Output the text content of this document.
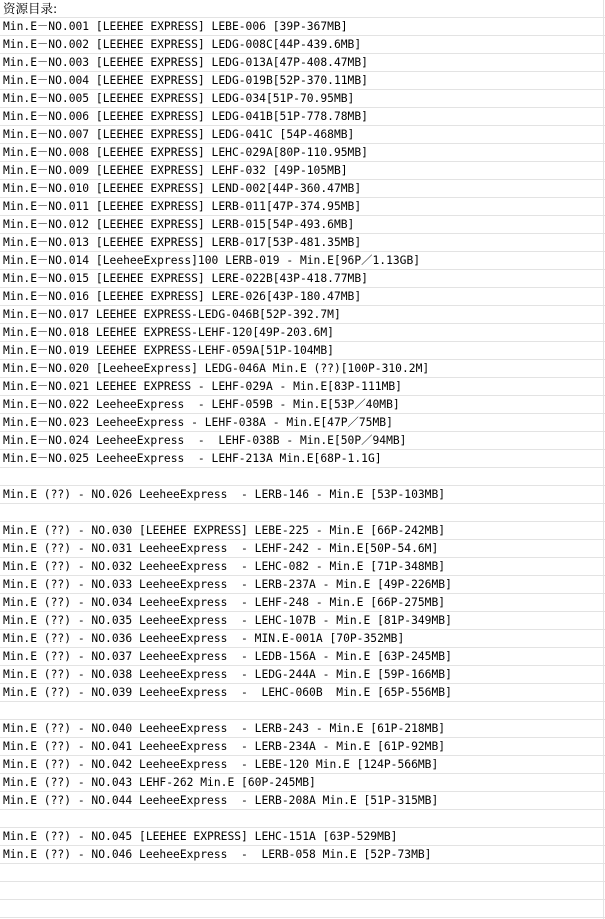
资源目录:
Min.E－NO.001 [LEEHEE EXPRESS] LEBE-006 [39P-367MB]
Min.E－NO.002 [LEEHEE EXPRESS] LEDG-008C[44P-439.6MB]
Min.E－NO.003 [LEEHEE EXPRESS] LEDG-013A[47P-408.47MB]
Min.E－NO.004 [LEEHEE EXPRESS] LEDG-019B[52P-370.11MB]
Min.E－NO.005 [LEEHEE EXPRESS] LEDG-034[51P-70.95MB]
Min.E－NO.006 [LEEHEE EXPRESS] LEDG-041B[51P-778.78MB]
Min.E－NO.007 [LEEHEE EXPRESS] LEDG-041C [54P-468MB]
Min.E－NO.008 [LEEHEE EXPRESS] LEHC-029A[80P-110.95MB]
Min.E－NO.009 [LEEHEE EXPRESS] LEHF-032 [49P-105MB]
Min.E－NO.010 [LEEHEE EXPRESS] LEND-002[44P-360.47MB]
Min.E－NO.011 [LEEHEE EXPRESS] LERB-011[47P-374.95MB]
Min.E－NO.012 [LEEHEE EXPRESS] LERB-015[54P-493.6MB]
Min.E－NO.013 [LEEHEE EXPRESS] LERB-017[53P-481.35MB]
Min.E－NO.014 [LeeheeExpress]100 LERB-019 - Min.E[96P／1.13GB]
Min.E－NO.015 [LEEHEE EXPRESS] LERE-022B[43P-418.77MB]
Min.E－NO.016 [LEEHEE EXPRESS] LERE-026[43P-180.47MB]
Min.E－NO.017 LEEHEE EXPRESS-LEDG-046B[52P-392.7M]
Min.E－NO.018 LEEHEE EXPRESS-LEHF-120[49P-203.6M]
Min.E－NO.019 LEEHEE EXPRESS-LEHF-059A[51P-104MB]
Min.E－NO.020 [LeeheeExpress] LEDG-046A Min.E (??)[100P-310.2M]
Min.E－NO.021 LEEHEE EXPRESS - LEHF-029A - Min.E[83P-111MB]
Min.E－NO.022 LeeheeExpress  - LEHF-059B - Min.E[53P／40MB]
Min.E－NO.023 LeeheeExpress - LEHF-038A - Min.E[47P／75MB]
Min.E－NO.024 LeeheeExpress  -  LEHF-038B - Min.E[50P／94MB]
Min.E－NO.025 LeeheeExpress  - LEHF-213A Min.E[68P-1.1G]
Min.E (??) - NO.026 LeeheeExpress  - LERB-146 - Min.E [53P-103MB]
Min.E (??) - NO.030 [LEEHEE EXPRESS] LEBE-225 - Min.E [66P-242MB]
Min.E (??) - NO.031 LeeheeExpress  - LEHF-242 - Min.E[50P-54.6M]
Min.E (??) - NO.032 LeeheeExpress  - LEHC-082 - Min.E [71P-348MB]
Min.E (??) - NO.033 LeeheeExpress  - LERB-237A - Min.E [49P-226MB]
Min.E (??) - NO.034 LeeheeExpress  - LEHF-248 - Min.E [66P-275MB]
Min.E (??) - NO.035 LeeheeExpress  - LEHC-107B - Min.E [81P-349MB]
Min.E (??) - NO.036 LeeheeExpress  - MIN.E-001A [70P-352MB]
Min.E (??) - NO.037 LeeheeExpress  - LEDB-156A - Min.E [63P-245MB]
Min.E (??) - NO.038 LeeheeExpress  - LEDG-244A - Min.E [59P-166MB]
Min.E (??) - NO.039 LeeheeExpress  -  LEHC-060B  Min.E [65P-556MB]
Min.E (??) - NO.040 LeeheeExpress  - LERB-243 - Min.E [61P-218MB]
Min.E (??) - NO.041 LeeheeExpress  - LERB-234A - Min.E [61P-92MB]
Min.E (??) - NO.042 LeeheeExpress  - LEBE-120 Min.E [124P-566MB]
Min.E (??) - NO.043 LEHF-262 Min.E [60P-245MB]
Min.E (??) - NO.044 LeeheeExpress  - LERB-208A Min.E [51P-315MB]
Min.E (??) - NO.045 [LEEHEE EXPRESS] LEHC-151A [63P-529MB]
Min.E (??) - NO.046 LeeheeExpress  -  LERB-058 Min.E [52P-73MB]
